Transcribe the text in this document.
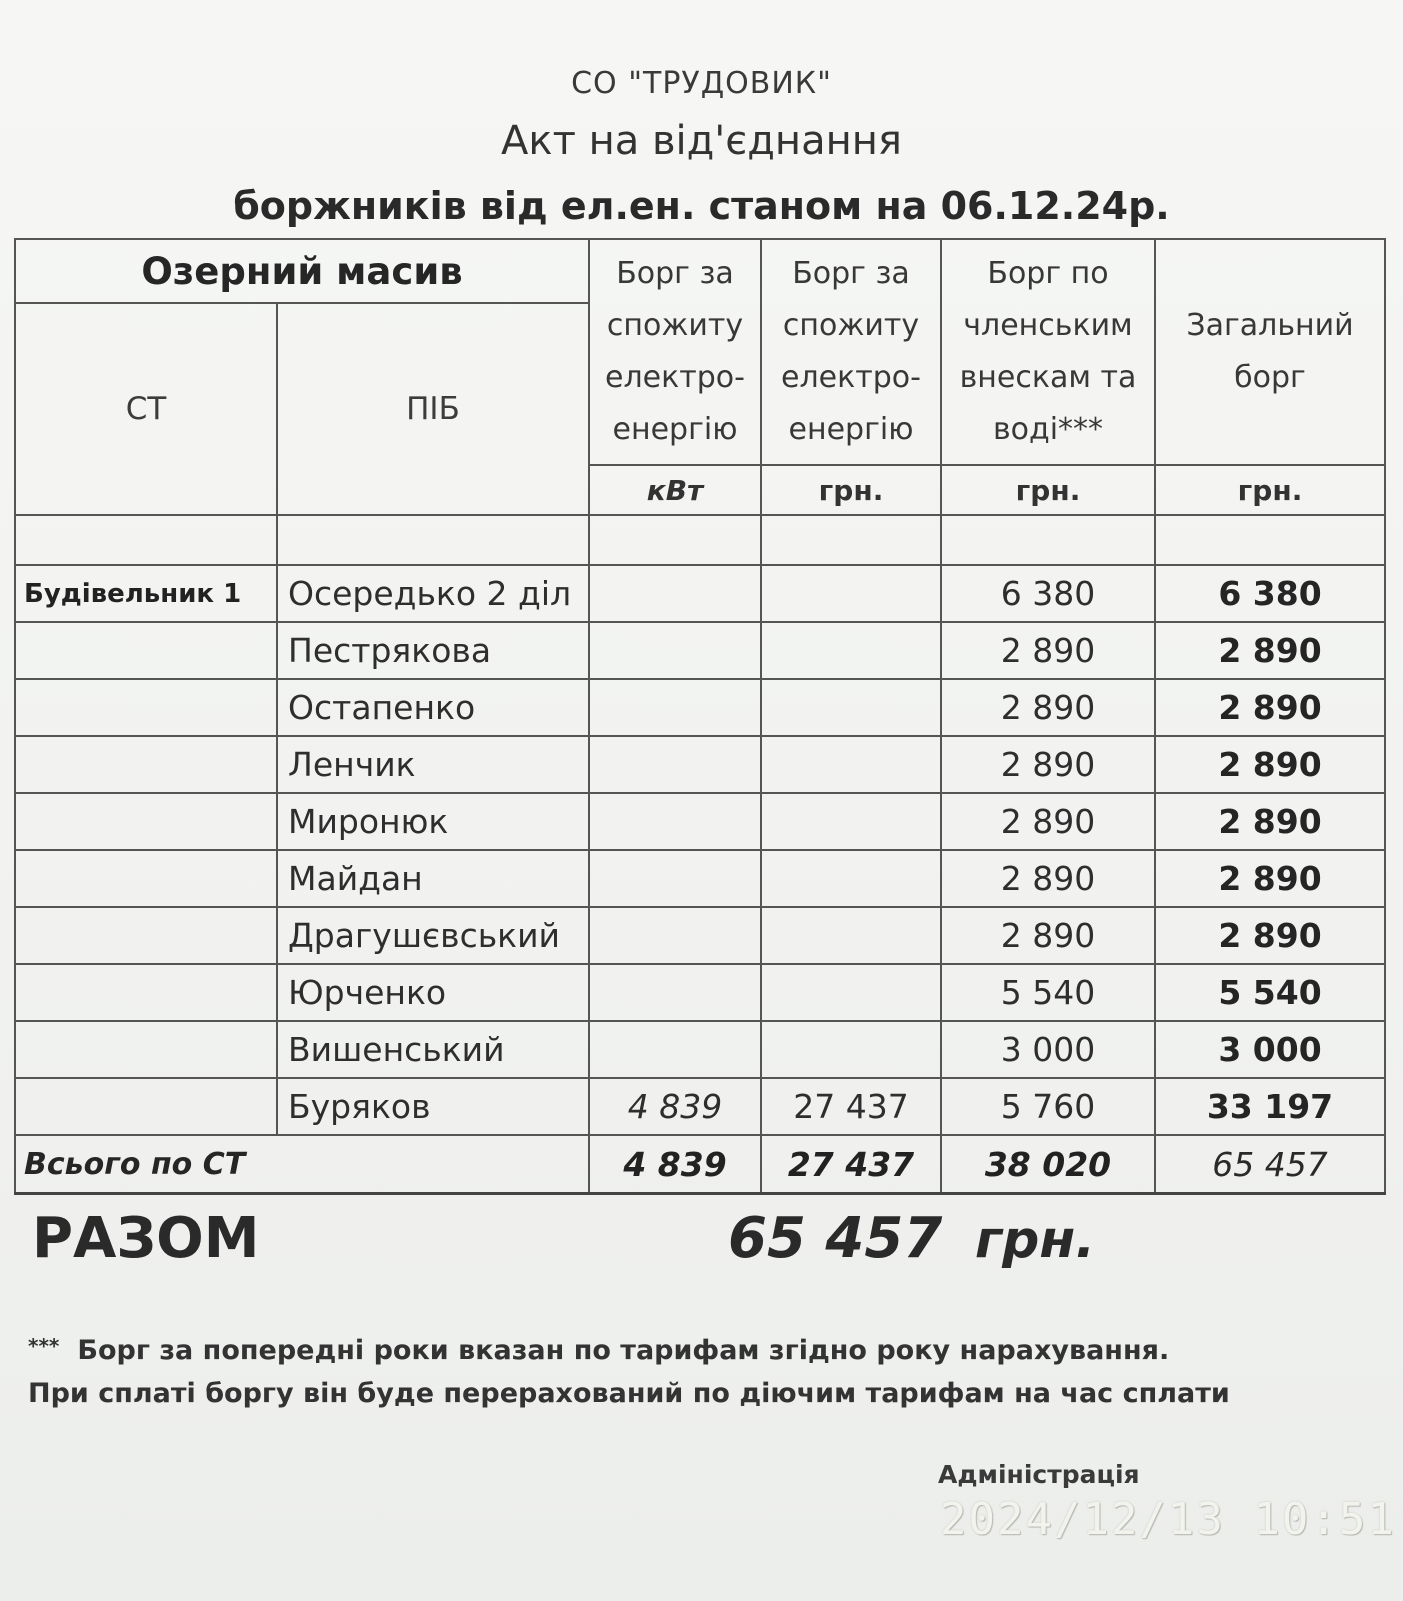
СО "ТРУДОВИК"
Акт на від'єднання
боржників від ел.ен. станом на 06.12.24р.
Озерний масив		Борг за спожиту електро-енергію	Борг за спожиту електро-енергію	Борг по членським внескам та воді***	Загальний борг
СТ	ПІБ				
		кВт	грн.	грн.	грн.

Будівельник 1	Осередько 2 діл			6 380	6 380
	Пестрякова			2 890	2 890
	Остапенко			2 890	2 890
	Ленчик			2 890	2 890
	Миронюк			2 890	2 890
	Майдан			2 890	2 890
	Драгушєвський			2 890	2 890
	Юрченко			5 540	5 540
	Вишенський			3 000	3 000
	Буряков	4 839	27 437	5 760	33 197
Всього по СТ		4 839	27 437	38 020	65 457
РАЗОМ	65 457 грн.
*** Борг за попередні роки вказан по тарифам згідно року нарахування.
При сплаті боргу він буде перерахований по діючим тарифам на час сплати
Адміністрація
2024/12/13 10:51
